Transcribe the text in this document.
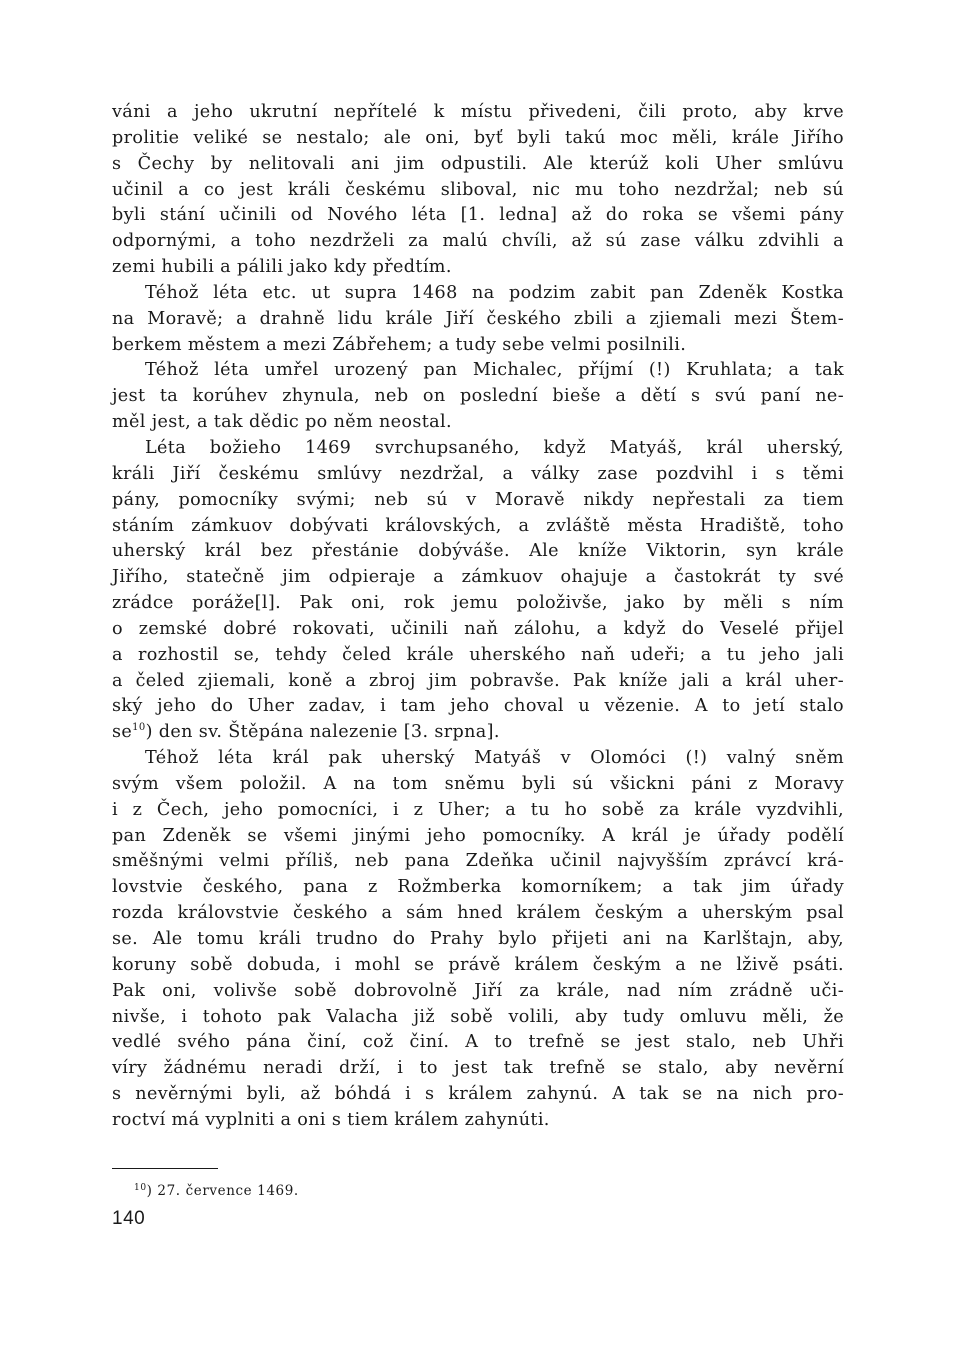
váni a jeho ukrutní nepřítelé k místu přivedeni, čili proto, aby krve
prolitie veliké se nestalo; ale oni, byť byli takú moc měli, krále Jiřího
s Čechy by nelitovali ani jim odpustili. Ale kterúž koli Uher smlúvu
učinil a co jest králi českému sliboval, nic mu toho nezdržal; neb sú
byli stání učinili od Nového léta [1. ledna] až do roka se všemi pány
odpornými, a toho nezdrželi za malú chvíli, až sú zase válku zdvihli a
zemi hubili a pálili jako kdy předtím.
Téhož léta etc. ut supra 1468 na podzim zabit pan Zdeněk Kostka
na Moravě; a drahně lidu krále Jiří českého zbili a zjiemali mezi Štem-
berkem městem a mezi Zábřehem; a tudy sebe velmi posilnili.
Téhož léta umřel urozený pan Michalec, příjmí (!) Kruhlata; a tak
jest ta korúhev zhynula, neb on poslední bieše a dětí s svú paní ne-
měl jest, a tak dědic po něm neostal.
Léta božieho 1469 svrchupsaného, když Matyáš, král uherský,
králi Jiří českému smlúvy nezdržal, a války zase pozdvihl i s těmi
pány, pomocníky svými; neb sú v Moravě nikdy nepřestali za tiem
stáním zámkuov dobývati královských, a zvláště města Hradiště, toho
uherský král bez přestánie dobýváše. Ale kníže Viktorin, syn krále
Jiřího, statečně jim odpieraje a zámkuov ohajuje a častokrát ty své
zrádce poráže[l]. Pak oni, rok jemu položivše, jako by měli s ním
o zemské dobré rokovati, učinili naň zálohu, a když do Veselé přijel
a rozhostil se, tehdy čeled krále uherského naň udeři; a tu jeho jali
a čeled zjiemali, koně a zbroj jim pobravše. Pak kníže jali a král uher-
ský jeho do Uher zadav, i tam jeho choval u vězenie. A to jetí stalo
$se^{10}$) den sv. Štěpána nalezenie [3. srpna].
Téhož léta král pak uherský Matyáš v Olomóci (!) valný sněm
svým všem položil. A na tom sněmu byli sú všickni páni z Moravy
i z Čech, jeho pomocníci, i z Uher; a tu ho sobě za krále vyzdvihli,
pan Zdeněk se všemi jinými jeho pomocníky. A král je úřady podělí
směšnými velmi příliš, neb pana Zdeňka učinil najvyšším zprávcí krá-
lovstvie českého, pana z Rožmberka komorníkem; a tak jim úřady
rozda královstvie českého a sám hned králem českým a uherským psal
se. Ale tomu králi trudno do Prahy bylo přijeti ani na Karlštajn, aby,
koruny sobě dobuda, i mohl se právě králem českým a ne lživě psáti.
Pak oni, volivše sobě dobrovolně Jiří za krále, nad ním zrádně uči-
nivše, i tohoto pak Valacha již sobě volili, aby tudy omluvu měli, že
vedlé svého pána činí, což činí. A to trefně se jest stalo, neb Uhři
víry žádnému neradi drží, i to jest tak trefně se stalo, aby nevěrní
s nevěrnými byli, až bóhdá i s králem zahynú. A tak se na nich pro-
roctví má vyplniti a oni s tiem králem zahynúti.
$^{10}$) 27. července 1469.
140
